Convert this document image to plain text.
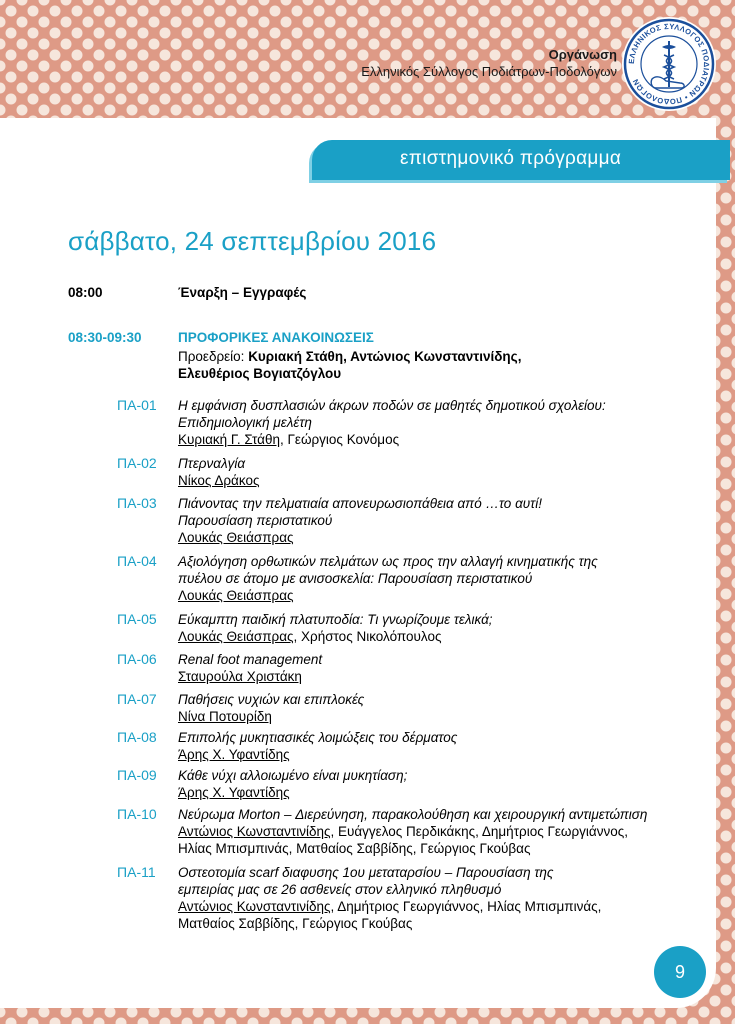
Οργάνωση
Ελληνικός Σύλλογος Ποδιάτρων-Ποδολόγων
ΕΛΛΗΝΙΚΟΣ ΣΥΛΛΟΓΟΣ ΠΟΔΙΑΤΡΩΝ • ΠΟΔΟΛΟΓΩΝ
επιστημονικό πρόγραμμα
σάββατο, 24 σεπτεμβρίου 2016
08:00	Έναρξη – Εγγραφές
08:30-09:30	ΠΡΟΦΟΡΙΚΕΣ ΑΝΑΚΟΙΝΩΣΕΙΣ
Προεδρείο: Κυριακή Στάθη, Αντώνιος Κωνσταντινίδης,
Ελευθέριος Βογιατζόγλου
ΠΑ-01 Η εμφάνιση δυσπλασιών άκρων ποδών σε μαθητές δημοτικού σχολείου:
Επιδημιολογική μελέτη
Κυριακή Γ. Στάθη, Γεώργιος Κονόμος
ΠΑ-02 Πτερναλγία
Νίκος Δράκος
ΠΑ-03 Πιάνοντας την πελματιαία απονευρωσιοπάθεια από …το αυτί!
Παρουσίαση περιστατικού
Λουκάς Θειάσπρας
ΠΑ-04 Αξιολόγηση ορθωτικών πελμάτων ως προς την αλλαγή κινηματικής της
πυέλου σε άτομο με ανισοσκελία: Παρουσίαση περιστατικού
Λουκάς Θειάσπρας
ΠΑ-05 Εύκαμπτη παιδική πλατυποδία: Τι γνωρίζουμε τελικά;
Λουκάς Θειάσπρας, Χρήστος Νικολόπουλος
ΠΑ-06 Renal foot management
Σταυρούλα Χριστάκη
ΠΑ-07 Παθήσεις νυχιών και επιπλοκές
Νίνα Ποτουρίδη
ΠΑ-08 Επιπολής μυκητιασικές λοιμώξεις του δέρματος
Άρης Χ. Υφαντίδης
ΠΑ-09 Κάθε νύχι αλλοιωμένο είναι μυκητίαση;
Άρης Χ. Υφαντίδης
ΠΑ-10 Νεύρωμα Morton – Διερεύνηση, παρακολούθηση και χειρουργική αντιμετώπιση
Αντώνιος Κωνσταντινίδης, Ευάγγελος Περδικάκης, Δημήτριος Γεωργιάννος,
Ηλίας Μπισμπινάς, Ματθαίος Σαββίδης, Γεώργιος Γκούβας
ΠΑ-11 Οστεοτομία scarf διαφυσης 1ου μεταταρσίου – Παρουσίαση της
εμπειρίας μας σε 26 ασθενείς στον ελληνικό πληθυσμό
Αντώνιος Κωνσταντινίδης, Δημήτριος Γεωργιάννος, Ηλίας Μπισμπινάς,
Ματθαίος Σαββίδης, Γεώργιος Γκούβας
9
